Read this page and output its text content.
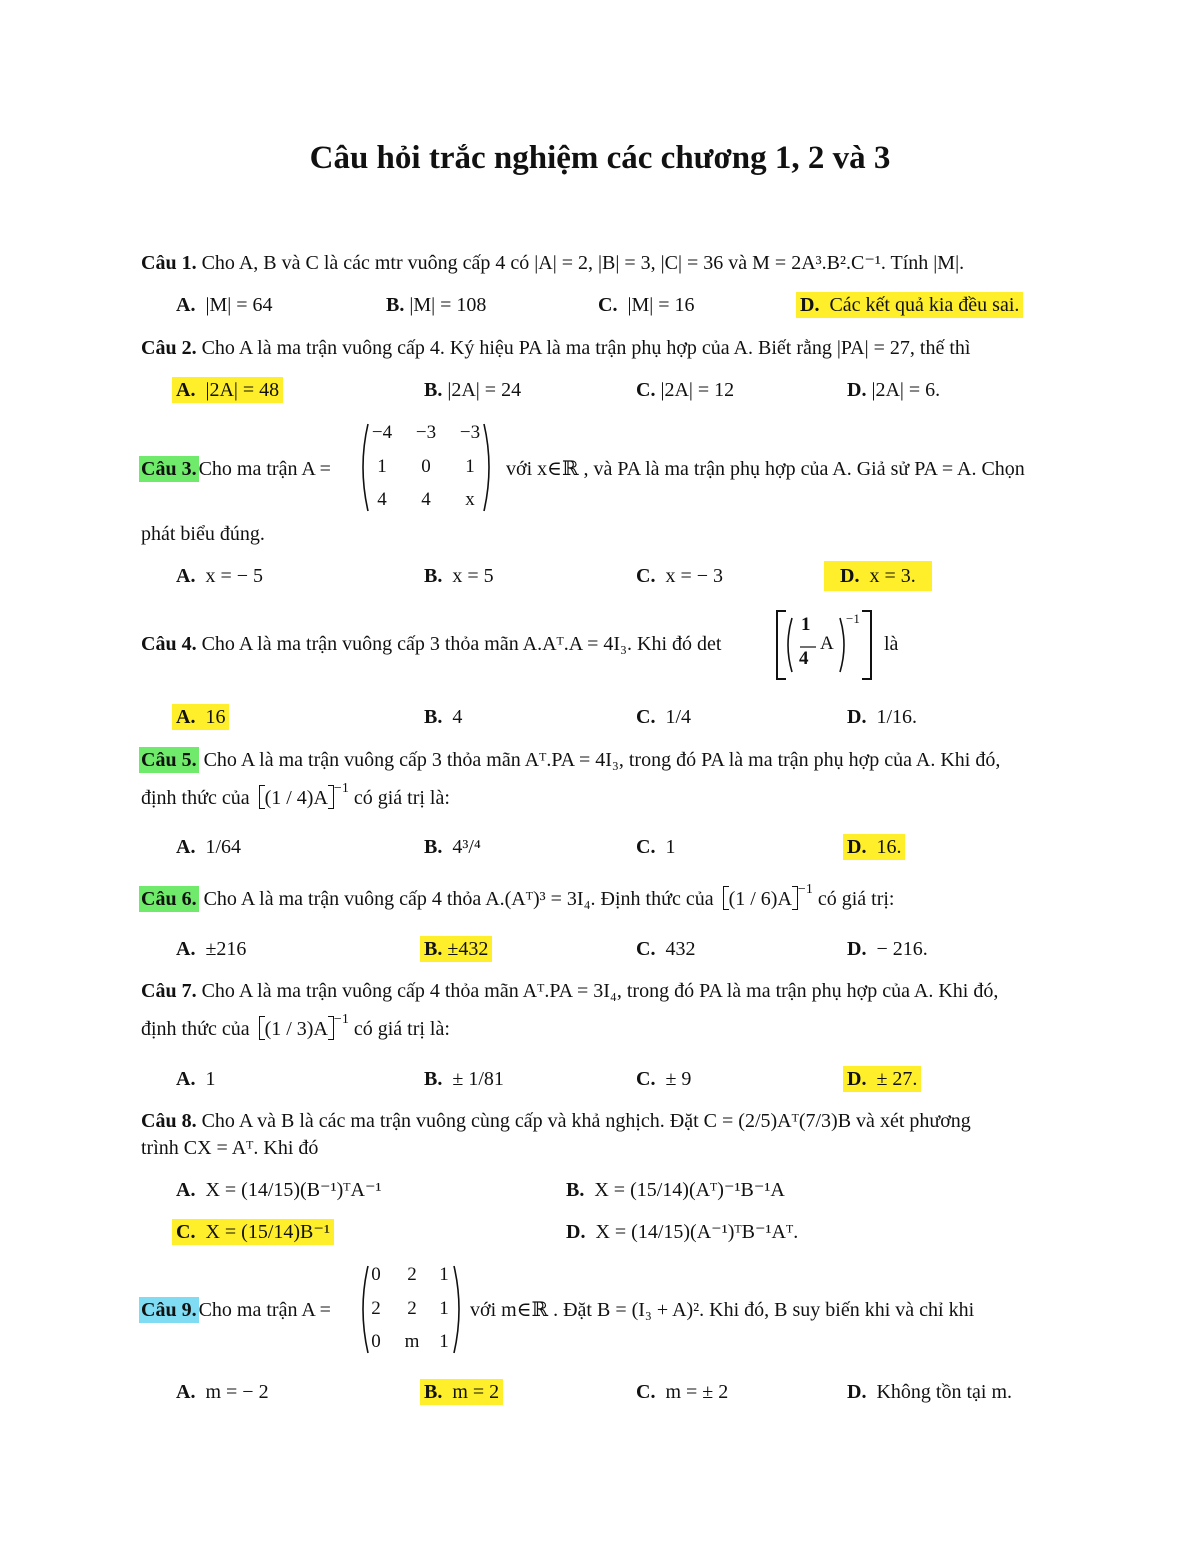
Câu hỏi trắc nghiệm các chương 1, 2 và 3
Câu 1. Cho A, B và C là các mtr vuông cấp 4 có |A| = 2, |B| = 3, |C| = 36 và M = 2A³.B².C⁻¹. Tính |M|.
A. |M| = 64	B. |M| = 108	C. |M| = 16	D. Các kết quả kia đều sai.
Câu 2. Cho A là ma trận vuông cấp 4. Ký hiệu PA là ma trận phụ hợp của A. Biết rằng |PA| = 27, thế thì
A. |2A| = 48	B. |2A| = 24	C. |2A| = 12	D. |2A| = 6.
Câu 3. Cho ma trận A =
−4	−3	−3
1	0	1
4	4	x
với x∈ℝ , và PA là ma trận phụ hợp của A. Giả sử PA = A. Chọn
phát biểu đúng.
A. x = − 5	B. x = 5	C. x = − 3	D. x = 3.
Câu 4. Cho A là ma trận vuông cấp 3 thỏa mãn A.Aᵀ.A = 4I₃. Khi đó det
1
4
A
−1
là
A. 16	B. 4	C. 1/4	D. 1/16.
Câu 5. Cho A là ma trận vuông cấp 3 thỏa mãn Aᵀ.PA = 4I₃, trong đó PA là ma trận phụ hợp của A. Khi đó,
định thức của (1 / 4)A $^{-1}$ có giá trị là:
A. 1/64	B. 4³/⁴	C. 1	D. 16.
Câu 6. Cho A là ma trận vuông cấp 4 thỏa A.(Aᵀ)³ = 3I₄. Định thức của (1 / 6)A $^{-1}$ có giá trị:
A. ±216	B. ±432	C. 432	D. − 216.
Câu 7. Cho A là ma trận vuông cấp 4 thỏa mãn Aᵀ.PA = 3I₄, trong đó PA là ma trận phụ hợp của A. Khi đó,
định thức của (1 / 3)A $^{-1}$ có giá trị là:
A. 1	B. ± 1/81	C. ± 9	D. ± 27.
Câu 8. Cho A và B là các ma trận vuông cùng cấp và khả nghịch. Đặt C = (2/5)Aᵀ(7/3)B và xét phương
trình CX = Aᵀ. Khi đó
A. X = (14/15)(B⁻¹)ᵀA⁻¹	B. X = (15/14)(Aᵀ)⁻¹B⁻¹A
C. X = (15/14)B⁻¹	D. X = (14/15)(A⁻¹)ᵀB⁻¹Aᵀ.
Câu 9. Cho ma trận A =
0	2	1
2	2	1
0	m	1
với m∈ℝ . Đặt B = (I₃ + A)². Khi đó, B suy biến khi và chỉ khi
A. m = − 2	B. m = 2	C. m = ± 2	D. Không tồn tại m.
